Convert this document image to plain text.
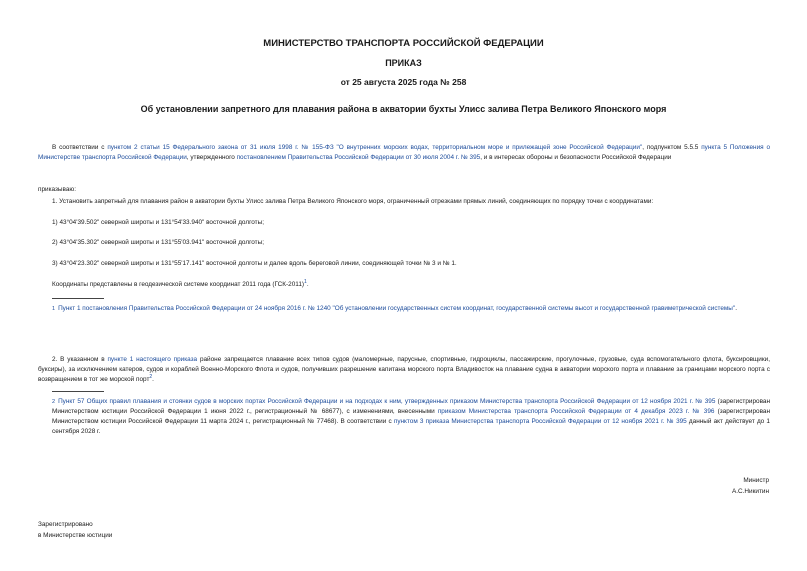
МИНИСТЕРСТВО ТРАНСПОРТА РОССИЙСКОЙ ФЕДЕРАЦИИ
ПРИКАЗ
от 25 августа 2025 года № 258
Об установлении запретного для плавания района в акватории бухты Улисс залива Петра Великого Японского моря
В соответствии с пунктом 2 статьи 15 Федерального закона от 31 июля 1998 г. № 155-ФЗ "О внутренних морских водах, территориальном море и прилежащей зоне Российской Федерации", подпунктом 5.5.5 пункта 5 Положения о Министерстве транспорта Российской Федерации, утвержденного постановлением Правительства Российской Федерации от 30 июля 2004 г. № 395, и в интересах обороны и безопасности Российской Федерации
приказываю:
1. Установить запретный для плавания район в акватории бухты Улисс залива Петра Великого Японского моря, ограниченный отрезками прямых линий, соединяющих по порядку точки с координатами:
1) 43°04'39.502" северной широты и 131°54'33.940" восточной долготы;
2) 43°04'35.302" северной широты и 131°55'03.941" восточной долготы;
3) 43°04'23.302" северной широты и 131°55'17.141" восточной долготы и далее вдоль береговой линии, соединяющей точки № 3 и № 1.
Координаты представлены в геодезической системе координат 2011 года $(ГСК-2011)^1$.
1 Пункт 1 постановления Правительства Российской Федерации от 24 ноября 2016 г. № 1240 "Об установлении государственных систем координат, государственной системы высот и государственной гравиметрической системы".
2. В указанном в пункте 1 настоящего приказа районе запрещается плавание всех типов судов (маломерные, парусные, спортивные, гидроциклы, пассажирские, прогулочные, грузовые, суда вспомогательного флота, буксировщики, буксиры), за исключением катеров, судов и кораблей Военно-Морского Флота и судов, получивших разрешение капитана морского порта Владивосток на плавание судна в акватории морского порта и плавание за границами морского порта с возвращением в тот же морской порт$^2$.
2 Пункт 57 Общих правил плавания и стоянки судов в морских портах Российской Федерации и на подходах к ним, утвержденных приказом Министерства транспорта Российской Федерации от 12 ноября 2021 г. № 395 (зарегистрирован Министерством юстиции Российской Федерации 1 июня 2022 г., регистрационный № 68677), с изменениями, внесенными приказом Министерства транспорта Российской Федерации от 4 декабря 2023 г. № 396 (зарегистрирован Министерством юстиции Российской Федерации 11 марта 2024 г., регистрационный № 77468). В соответствии с пунктом 3 приказа Министерства транспорта Российской Федерации от 12 ноября 2021 г. № 395 данный акт действует до 1 сентября 2028 г.
Министр
А.С.Никитин
Зарегистрировано
в Министерстве юстиции
